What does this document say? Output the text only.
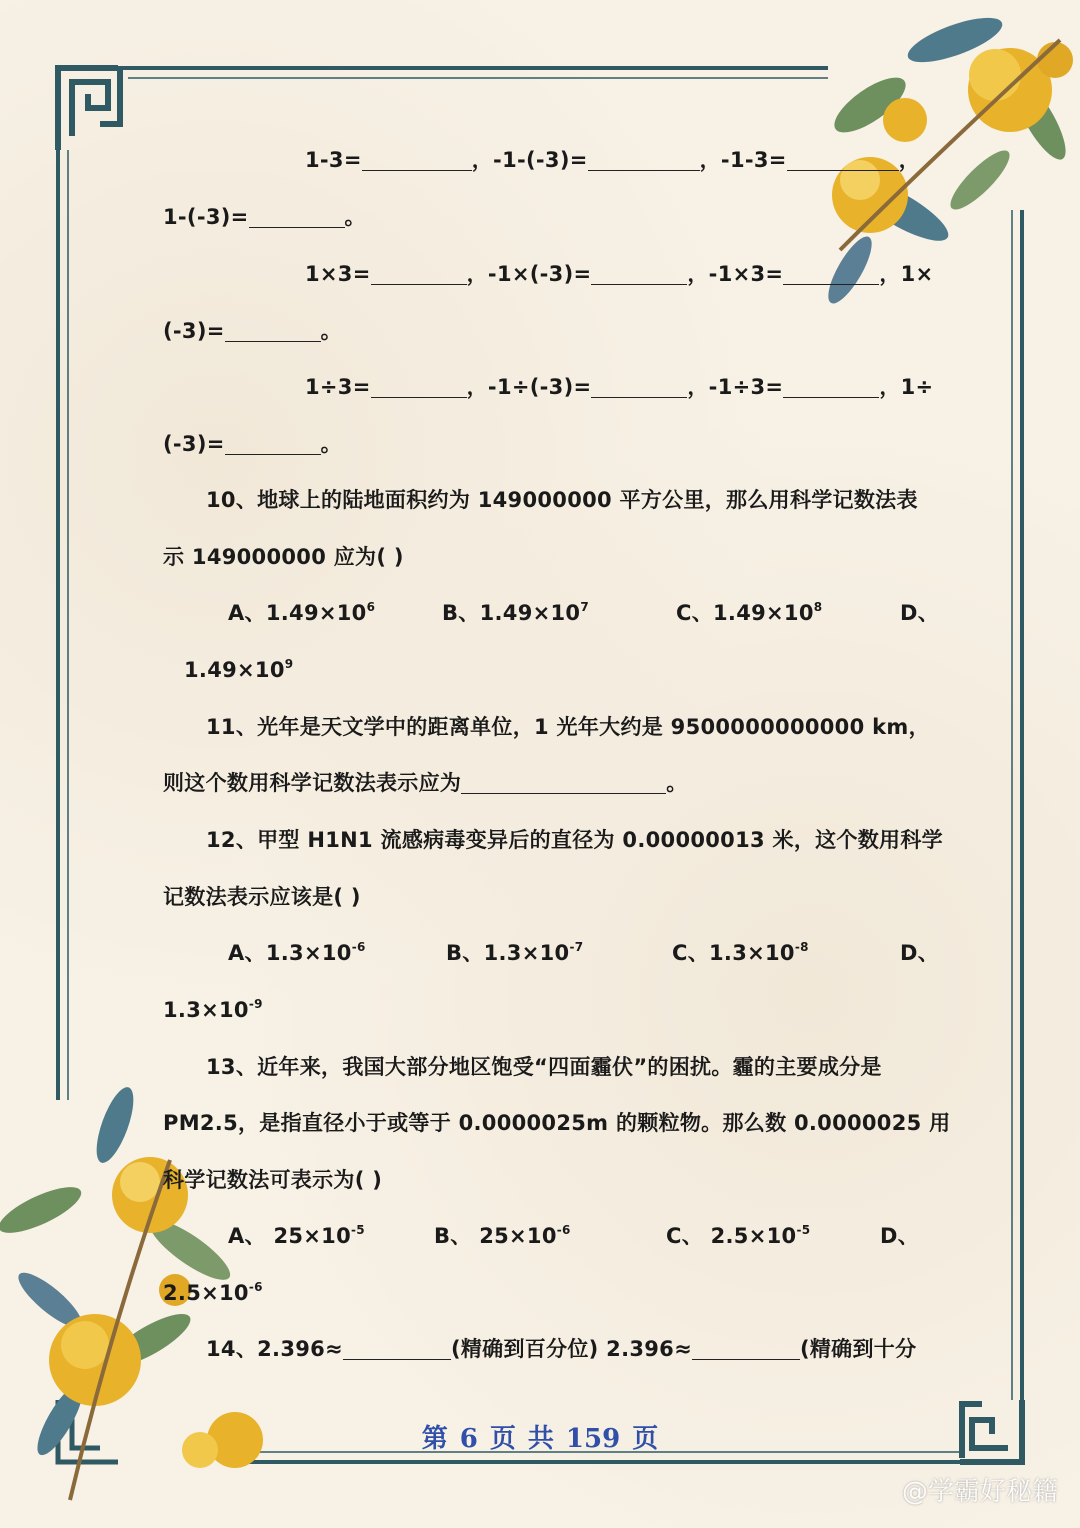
1-3=	，-1-(-3)=	，-1-3=	，
1-(-3)=	。
1×3=	，-1×(-3)=	，-1×3=	，1×
(-3)=	。
1÷3=	，-1÷(-3)=	，-1÷3=	，1÷
(-3)=	。
10、地球上的陆地面积约为 149000000 平方公里，那么用科学记数法表
示 149000000 应为( )
A、$1.49\times 10^6$	B、$1.49\times 10^7$	C、$1.49\times 10^8$	D、
$1.49\times 10^9$
11、光年是天文学中的距离单位，1 光年大约是 9500000000000 km，
则这个数用科学记数法表示应为	。
12、甲型 H1N1 流感病毒变异后的直径为 0.00000013 米，这个数用科学
记数法表示应该是( )
A、$1.3\times 10^{-6}$	B、$1.3\times 10^{-7}$	C、$1.3\times 10^{-8}$	D、
$1.3\times 10^{-9}$
13、近年来，我国大部分地区饱受“四面霾伏”的困扰。霾的主要成分是
PM2.5，是指直径小于或等于 0.0000025m 的颗粒物。那么数 0.0000025 用
科学记数法可表示为( )
A、 $25\times 10^{-5}$	B、 $25\times 10^{-6}$	C、 $2.5\times 10^{-5}$	D、
$2.5\times 10^{-6}$
14、2.396≈	(精确到百分位) 2.396≈	(精确到十分
第 6 页 共 159 页
@学霸好秘籍
